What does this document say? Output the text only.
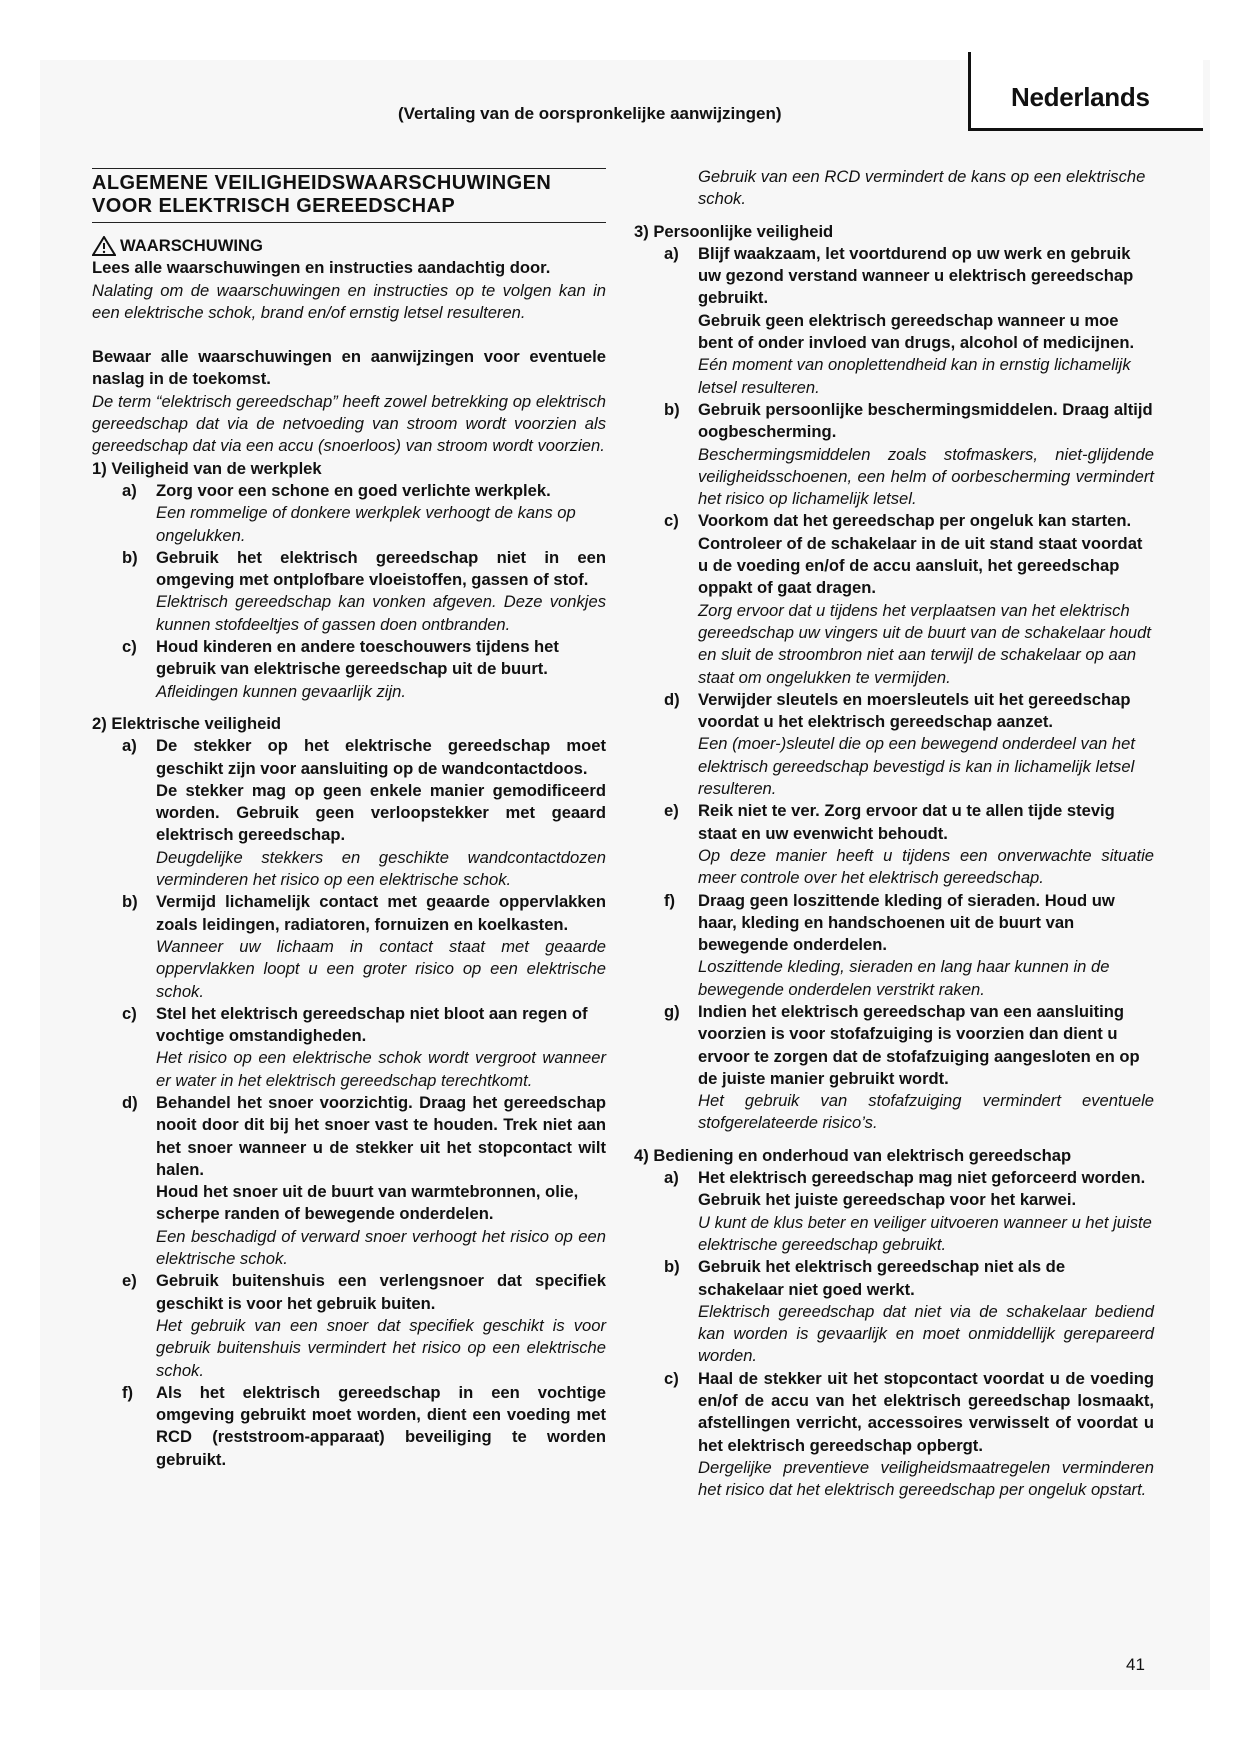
Nederlands
(Vertaling van de oorspronkelijke aanwijzingen)
ALGEMENE VEILIGHEIDSWAARSCHUWINGEN
VOOR ELEKTRISCH GEREEDSCHAP
WAARSCHUWING

Lees alle waarschuwingen en instructies aandachtig door.

Nalating om de waarschuwingen en instructies op te volgen kan in een elektrische schok, brand en/of ernstig letsel resulteren.

Bewaar alle waarschuwingen en aanwijzingen voor eventuele naslag in de toekomst.

De term “elektrisch gereedschap” heeft zowel betrekking op elektrisch gereedschap dat via de netvoeding van stroom wordt voorzien als gereedschap dat via een accu (snoerloos) van stroom wordt voorzien.

1) Veiligheid van de werkplek

a)	Zorg voor een schone en goed verlichte werkplek.

Een rommelige of donkere werkplek verhoogt de kans op ongelukken.

b)	Gebruik het elektrisch gereedschap niet in een omgeving met ontplofbare vloeistoffen, gassen of stof.

Elektrisch gereedschap kan vonken afgeven. Deze vonkjes kunnen stofdeeltjes of gassen doen ontbranden.

c)	Houd kinderen en andere toeschouwers tijdens het gebruik van elektrische gereedschap uit de buurt.

Afleidingen kunnen gevaarlijk zijn.

2) Elektrische veiligheid

a)	De stekker op het elektrische gereedschap moet geschikt zijn voor aansluiting op de wandcontactdoos.

De stekker mag op geen enkele manier gemodificeerd worden. Gebruik geen verloopstekker met geaard elektrisch gereedschap.

Deugdelijke stekkers en geschikte wandcontactdozen verminderen het risico op een elektrische schok.

b)	Vermijd lichamelijk contact met geaarde oppervlakken zoals leidingen, radiatoren, fornuizen en koelkasten.

Wanneer uw lichaam in contact staat met geaarde oppervlakken loopt u een groter risico op een elektrische schok.

c)	Stel het elektrisch gereedschap niet bloot aan regen of vochtige omstandigheden.

Het risico op een elektrische schok wordt vergroot wanneer er water in het elektrisch gereedschap terechtkomt.

d)	Behandel het snoer voorzichtig. Draag het gereedschap nooit door dit bij het snoer vast te houden. Trek niet aan het snoer wanneer u de stekker uit het stopcontact wilt halen.

Houd het snoer uit de buurt van warmtebronnen, olie, scherpe randen of bewegende onderdelen.

Een beschadigd of verward snoer verhoogt het risico op een elektrische schok.

e)	Gebruik buitenshuis een verlengsnoer dat specifiek geschikt is voor het gebruik buiten.

Het gebruik van een snoer dat specifiek geschikt is voor gebruik buitenshuis vermindert het risico op een elektrische schok.

f)	Als het elektrisch gereedschap in een vochtige omgeving gebruikt moet worden, dient een voeding met RCD (reststroom-apparaat) beveiliging te worden gebruikt.

Gebruik van een RCD vermindert de kans op een elektrische schok.

3) Persoonlijke veiligheid

a)	Blijf waakzaam, let voortdurend op uw werk en gebruik uw gezond verstand wanneer u elektrisch gereedschap gebruikt.

Gebruik geen elektrisch gereedschap wanneer u moe bent of onder invloed van drugs, alcohol of medicijnen.

Eén moment van onoplettendheid kan in ernstig lichamelijk letsel resulteren.

b)	Gebruik persoonlijke beschermingsmiddelen. Draag altijd oogbescherming.

Beschermingsmiddelen zoals stofmaskers, niet-glijdende veiligheidsschoenen, een helm of oorbescherming vermindert het risico op lichamelijk letsel.

c)	Voorkom dat het gereedschap per ongeluk kan starten. Controleer of de schakelaar in de uit stand staat voordat u de voeding en/of de accu aansluit, het gereedschap oppakt of gaat dragen.

Zorg ervoor dat u tijdens het verplaatsen van het elektrisch gereedschap uw vingers uit de buurt van de schakelaar houdt en sluit de stroombron niet aan terwijl de schakelaar op aan staat om ongelukken te vermijden.

d)	Verwijder sleutels en moersleutels uit het gereedschap voordat u het elektrisch gereedschap aanzet.

Een (moer-)sleutel die op een bewegend onderdeel van het elektrisch gereedschap bevestigd is kan in lichamelijk letsel resulteren.

e)	Reik niet te ver. Zorg ervoor dat u te allen tijde stevig staat en uw evenwicht behoudt.

Op deze manier heeft u tijdens een onverwachte situatie meer controle over het elektrisch gereedschap.

f)	Draag geen loszittende kleding of sieraden. Houd uw haar, kleding en handschoenen uit de buurt van bewegende onderdelen.

Loszittende kleding, sieraden en lang haar kunnen in de bewegende onderdelen verstrikt raken.

g)	Indien het elektrisch gereedschap van een aansluiting voorzien is voor stofafzuiging is voorzien dan dient u ervoor te zorgen dat de stofafzuiging aangesloten en op de juiste manier gebruikt wordt.

Het gebruik van stofafzuiging vermindert eventuele stofgerelateerde risico’s.

4) Bediening en onderhoud van elektrisch gereedschap

a)	Het elektrisch gereedschap mag niet geforceerd worden. Gebruik het juiste gereedschap voor het karwei.

U kunt de klus beter en veiliger uitvoeren wanneer u het juiste elektrische gereedschap gebruikt.

b)	Gebruik het elektrisch gereedschap niet als de schakelaar niet goed werkt.

Elektrisch gereedschap dat niet via de schakelaar bediend kan worden is gevaarlijk en moet onmiddellijk gerepareerd worden.

c)	Haal de stekker uit het stopcontact voordat u de voeding en/of de accu van het elektrisch gereedschap losmaakt, afstellingen verricht, accessoires verwisselt of voordat u het elektrisch gereedschap opbergt.

Dergelijke preventieve veiligheidsmaatregelen verminderen het risico dat het elektrisch gereedschap per ongeluk opstart.

41
